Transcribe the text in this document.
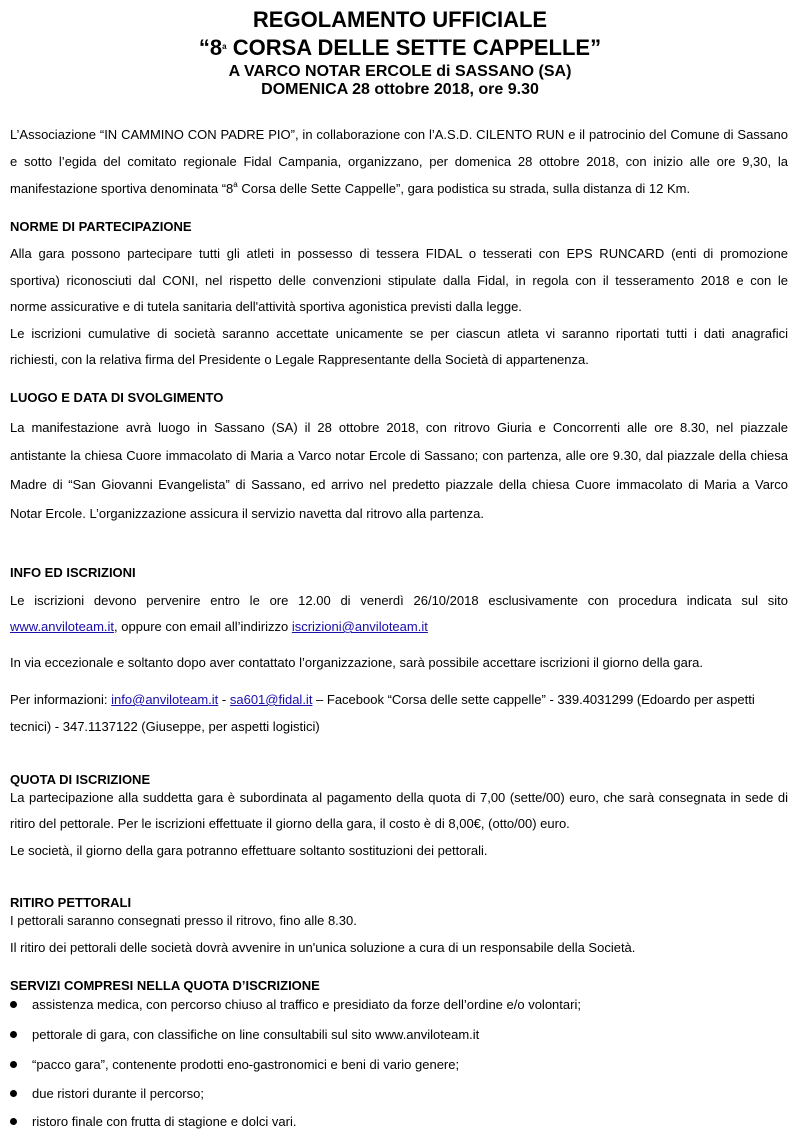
REGOLAMENTO UFFICIALE
“8$^a$ CORSA DELLE SETTE CAPPELLE”
A VARCO NOTAR ERCOLE di SASSANO (SA)
DOMENICA 28 ottobre 2018, ore 9.30
L’Associazione “IN CAMMINO CON PADRE PIO”, in collaborazione con l’A.S.D. CILENTO RUN e il patrocinio del Comune di Sassano
e sotto l’egida del comitato regionale Fidal Campania, organizzano, per domenica 28 ottobre 2018, con inizio alle ore 9,30, la
manifestazione sportiva denominata “8$^a$ Corsa delle Sette Cappelle”, gara podistica su strada, sulla distanza di 12 Km.
NORME DI PARTECIPAZIONE
Alla gara possono partecipare tutti gli atleti in possesso di tessera FIDAL o tesserati con EPS RUNCARD (enti di promozione
sportiva) riconosciuti dal CONI, nel rispetto delle convenzioni stipulate dalla Fidal, in regola con il tesseramento 2018 e con le
norme assicurative e di tutela sanitaria dell'attività sportiva agonistica previsti dalla legge.
Le iscrizioni cumulative di società saranno accettate unicamente se per ciascun atleta vi saranno riportati tutti i dati anagrafici
richiesti, con la relativa firma del Presidente o Legale Rappresentante della Società di appartenenza.
LUOGO E DATA DI SVOLGIMENTO
La manifestazione avrà luogo in Sassano (SA) il 28 ottobre 2018, con ritrovo Giuria e Concorrenti alle ore 8.30, nel piazzale
antistante la chiesa Cuore immacolato di Maria a Varco notar Ercole di Sassano; con partenza, alle ore 9.30, dal piazzale della chiesa
Madre di “San Giovanni Evangelista” di Sassano, ed arrivo nel predetto piazzale della chiesa Cuore immacolato di Maria a Varco
Notar Ercole. L’organizzazione assicura il servizio navetta dal ritrovo alla partenza.
INFO ED ISCRIZIONI
Le iscrizioni devono pervenire entro le ore 12.00 di venerdì 26/10/2018 esclusivamente con procedura indicata sul sito
www.anviloteam.it, oppure con email all’indirizzo iscrizioni@anviloteam.it
In via eccezionale e soltanto dopo aver contattato l’organizzazione, sarà possibile accettare iscrizioni il giorno della gara.
Per informazioni: info@anviloteam.it - sa601@fidal.it – Facebook “Corsa delle sette cappelle” - 339.4031299 (Edoardo per aspetti
tecnici) - 347.1137122 (Giuseppe, per aspetti logistici)
QUOTA DI ISCRIZIONE
La partecipazione alla suddetta gara è subordinata al pagamento della quota di 7,00 (sette/00) euro, che sarà consegnata in sede di
ritiro del pettorale. Per le iscrizioni effettuate il giorno della gara, il costo è di 8,00€, (otto/00) euro.
Le società, il giorno della gara potranno effettuare soltanto sostituzioni dei pettorali.
RITIRO PETTORALI
I pettorali saranno consegnati presso il ritrovo, fino alle 8.30.
Il ritiro dei pettorali delle società dovrà avvenire in un'unica soluzione a cura di un responsabile della Società.
SERVIZI COMPRESI NELLA QUOTA D’ISCRIZIONE
assistenza medica, con percorso chiuso al traffico e presidiato da forze dell’ordine e/o volontari;
pettorale di gara, con classifiche on line consultabili sul sito www.anviloteam.it
“pacco gara”, contenente prodotti eno-gastronomici e beni di vario genere;
due ristori durante il percorso;
ristoro finale con frutta di stagione e dolci vari.
